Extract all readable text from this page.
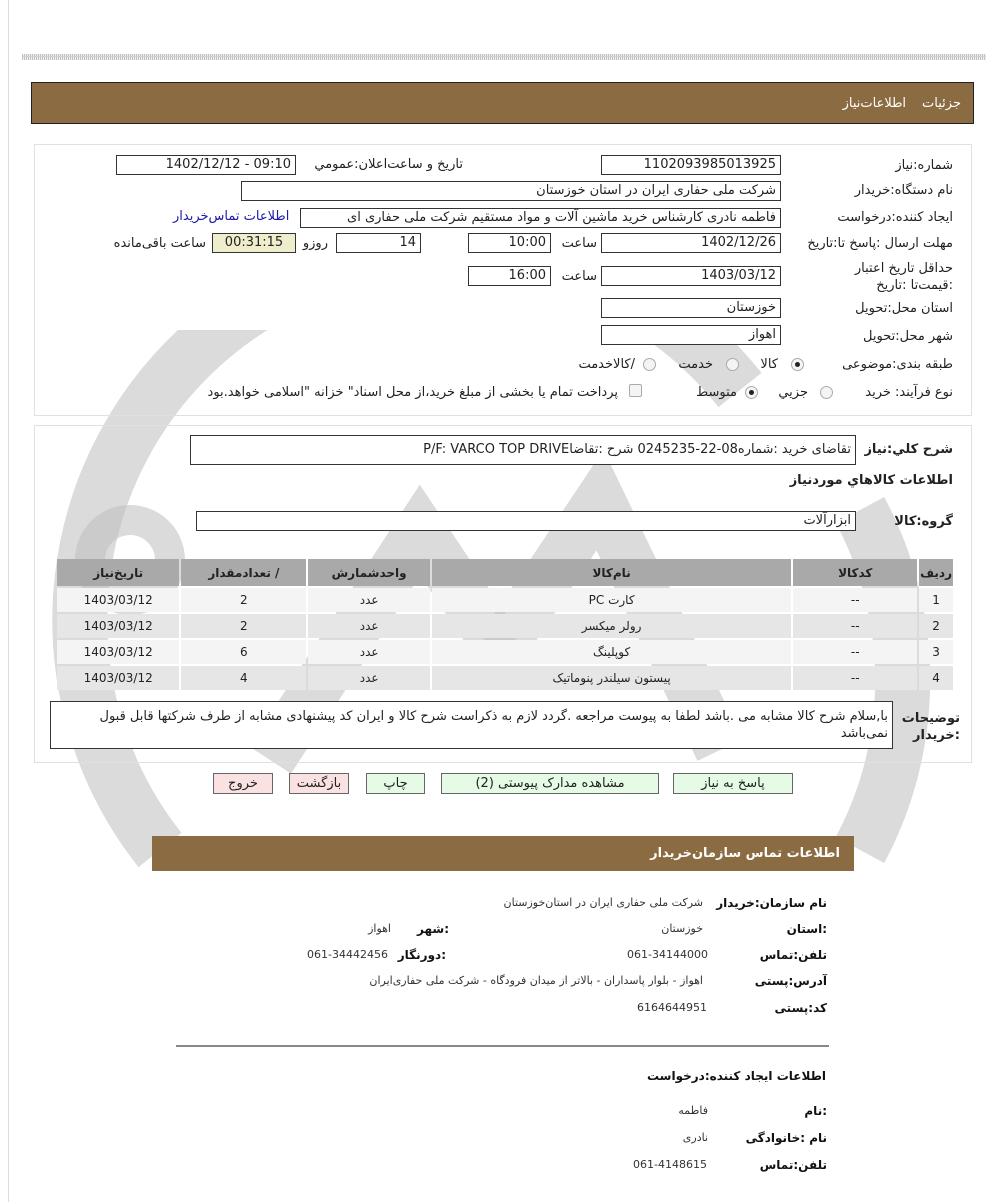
جزئیات
اطلاعات‌نیاز
شماره:نیاز
1102093985013925
تاریخ و ساعت‌اعلان:عمومي
1402/12/12 - 09:10
نام دستگاه:خریدار
شرکت ملی حفاری ایران در استان خوزستان
ایجاد کننده:درخواست
فاطمه نادری کارشناس خرید ماشین آلات و مواد مستقیم شرکت ملی حفاری ای
اطلاعات تماس‌خریدار
مهلت ارسال :پاسخ تا:تاریخ
1402/12/26
ساعت
10:00
14
روزو
00:31:15
ساعت باقی‌مانده
حداقل تاریخ اعتبار :قیمت‌تا :تاریخ
1403/03/12
ساعت
16:00
استان محل:تحویل
خوزستان
شهر محل:تحویل
اهواز
طبقه بندی:موضوعی
کالا
خدمت
/کالاخدمت
نوع فرآیند: خرید
جزیي
متوسط
پرداخت تمام یا بخشی از مبلغ خرید،از محل اسناد" خزانه "اسلامی خواهد.بود
شرح کلي:نیاز
تقاضای خرید :شماره08-22-0245235 شرح :تقاضاP/F: VARCO TOP DRIVE
اطلاعات کالاهاي موردنیاز
گروه:کالا
ابزارآلات
ردیف	کدکالا	نام‌کالا	واحدشمارش	/ تعدادمقدار	تاریخ‌نیاز
1	--	کارت PC	عدد	2	1403/03/12
2	--	رولر میکسر	عدد	2	1403/03/12
3	--	کوپلینگ	عدد	6	1403/03/12
4	--	پیستون سیلندر پنوماتیک	عدد	4	1403/03/12
توضیحات :خریدار
با,سلام شرح کالا مشابه می .باشد لطفا به پیوست مراجعه .گردد لازم به ذکراست شرح کالا و ایران کد پیشنهادی مشابه از طرف شرکتها قابل قبول نمی‌باشد
پاسخ به نیاز
مشاهده مدارک پیوستی (2)
چاپ
بازگشت
خروج
اطلاعات تماس سازمان‌خریدار
نام سازمان:خریدار
شرکت ملی حفاری ایران در استان‌خوزستان
:استان
خوزستان
:شهر
اهواز
تلفن:تماس
061-34144000
:دورنگار
061-34442456
آدرس:پستی
اهواز - بلوار پاسداران - بالاتر از میدان فرودگاه - شرکت ملی حفاری‌ایران
کد:پستی
6164644951
اطلاعات ایجاد کننده:درخواست
:نام
فاطمه
نام :خانوادگی
نادری
تلفن:تماس
061-4148615
